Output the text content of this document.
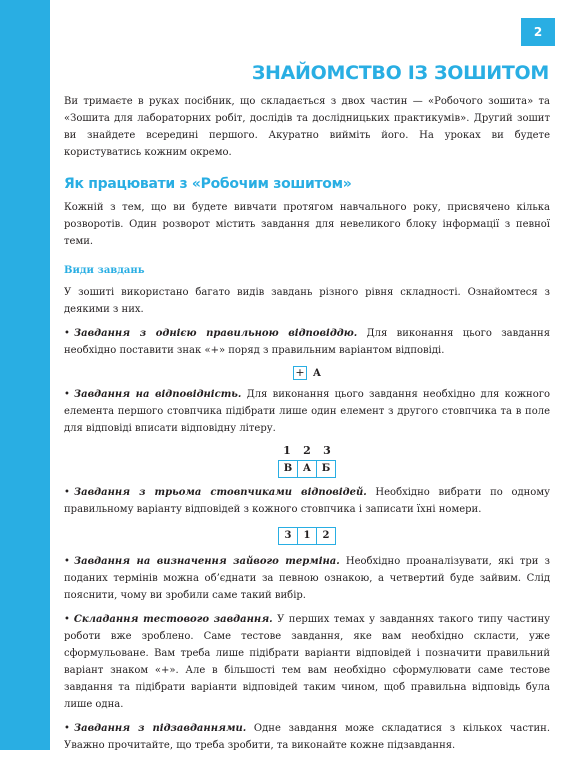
2
ЗНАЙОМСТВО ІЗ ЗОШИТОМ

Ви тримаєте в руках посібник, що складається з двох частин — «Робочого зошита» та «Зошита для лабораторних робіт, дослідів та дослідницьких практикумів». Другий зошит ви знайдете всередині першого. Акуратно вийміть його. На уроках ви будете користуватись кожним окремо.

Як працювати з «Робочим зошитом»

Кожній з тем, що ви будете вивчати протягом навчального року, присвячено кілька розворотів. Один розворот містить завдання для невеликого блоку інформації з певної теми.

Види завдань

У зошиті використано багато видів завдань різного рівня складності. Ознайомтеся з деякими з них.

• Завдання з однією правильною відповіддю. Для виконання цього завдання необхідно поставити знак «+» поряд з правильним варіантом відповіді.

+ А

• Завдання на відповідність. Для виконання цього завдання необхідно для кожного елемента першого стовпчика підібрати лише один елемент з другого стовпчика та в поле для відповіді вписати відповідну літеру.

1	2	3
В	А	Б

• Завдання з трьома стовпчиками відповідей. Необхідно вибрати по одному правильному варіанту відповідей з кожного стовпчика і записати їхні номери.

3	1	2

• Завдання на визначення зайвого терміна. Необхідно проаналізувати, які три з поданих термінів можна об’єднати за певною ознакою, а четвертий буде зайвим. Слід пояснити, чому ви зробили саме такий вибір.

• Складання тестового завдання. У перших темах у завданнях такого типу частину роботи вже зроблено. Саме тестове завдання, яке вам необхідно скласти, уже сформульоване. Вам треба лише підібрати варіанти відповідей і позначити правильний варіант знаком «+». Але в більшості тем вам необхідно сформулювати саме тестове завдання та підібрати варіанти відповідей таким чином, щоб правильна відповідь була лише одна.

• Завдання з підзавданнями. Одне завдання може складатися з кількох частин. Уважно прочитайте, що треба зробити, та виконайте кожне підзавдання.
